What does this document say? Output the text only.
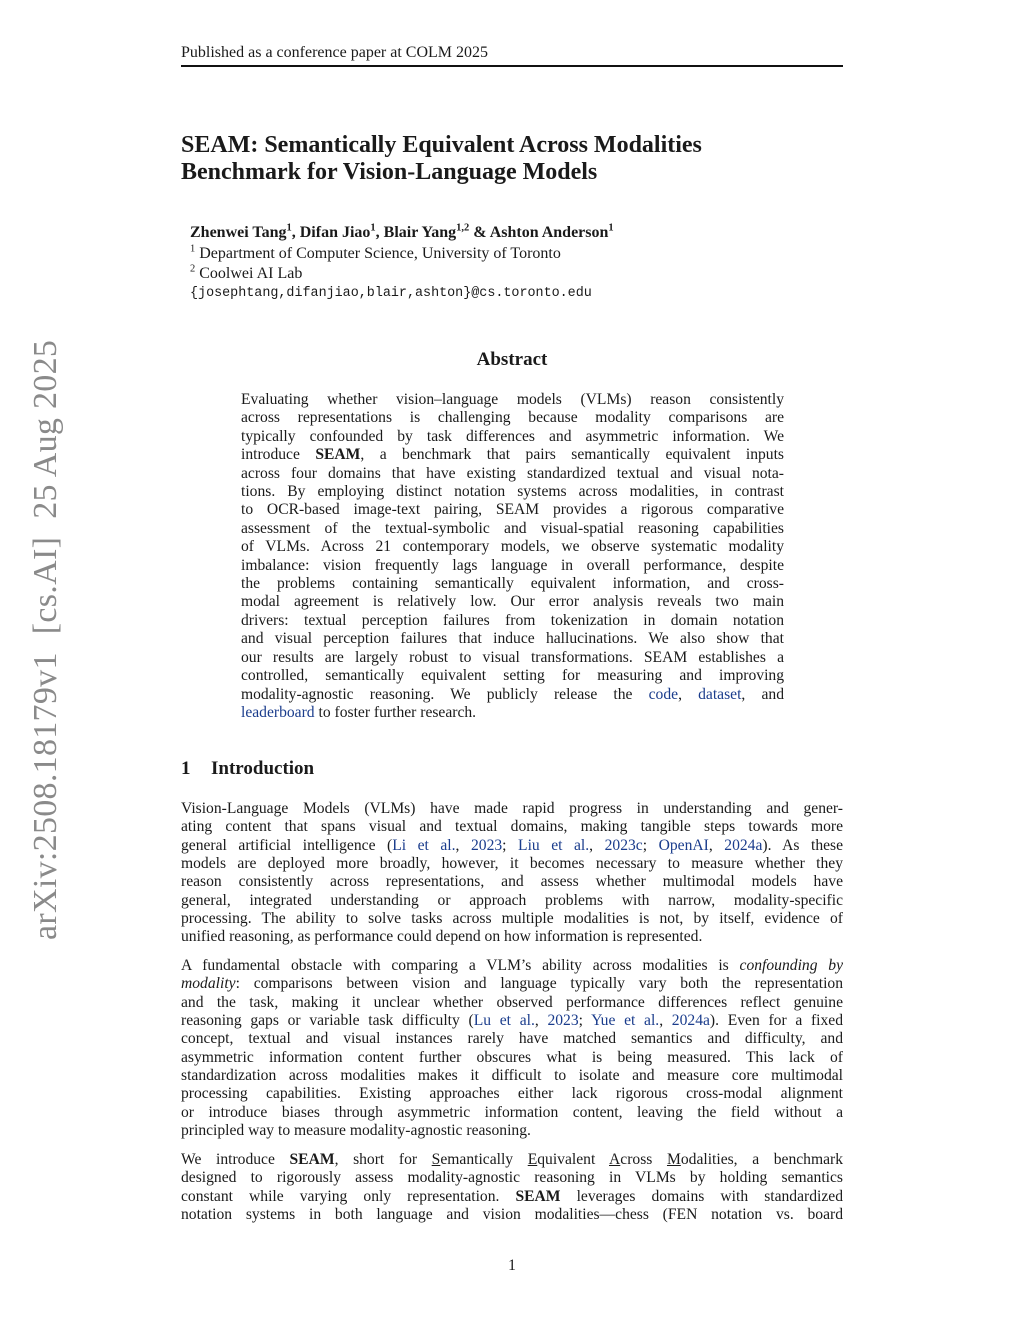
Published as a conference paper at COLM 2025
SEAM: Semantically Equivalent Across Modalities
Benchmark for Vision-Language Models
Zhenwei Tang$^1$, Difan Jiao$^1$, Blair Yang$^{1,2}$ & Ashton Anderson$^1$
$^1$ Department of Computer Science, University of Toronto
$^2$ Coolwei AI Lab
{josephtang,difanjiao,blair,ashton}@cs.toronto.edu
Abstract
Evaluating whether vision–language models (VLMs) reason consistently
across representations is challenging because modality comparisons are
typically confounded by task differences and asymmetric information. We
introduce SEAM, a benchmark that pairs semantically equivalent inputs
across four domains that have existing standardized textual and visual nota-
tions. By employing distinct notation systems across modalities, in contrast
to OCR-based image-text pairing, SEAM provides a rigorous comparative
assessment of the textual-symbolic and visual-spatial reasoning capabilities
of VLMs. Across 21 contemporary models, we observe systematic modality
imbalance: vision frequently lags language in overall performance, despite
the problems containing semantically equivalent information, and cross-
modal agreement is relatively low. Our error analysis reveals two main
drivers: textual perception failures from tokenization in domain notation
and visual perception failures that induce hallucinations. We also show that
our results are largely robust to visual transformations. SEAM establishes a
controlled, semantically equivalent setting for measuring and improving
modality-agnostic reasoning. We publicly release the code, dataset, and
leaderboard to foster further research.
1 Introduction
Vision-Language Models (VLMs) have made rapid progress in understanding and gener-
ating content that spans visual and textual domains, making tangible steps towards more
general artificial intelligence (Li et al., 2023; Liu et al., 2023c; OpenAI, 2024a). As these
models are deployed more broadly, however, it becomes necessary to measure whether they
reason consistently across representations, and assess whether multimodal models have
general, integrated understanding or approach problems with narrow, modality-specific
processing. The ability to solve tasks across multiple modalities is not, by itself, evidence of
unified reasoning, as performance could depend on how information is represented.
A fundamental obstacle with comparing a VLM’s ability across modalities is confounding by
modality: comparisons between vision and language typically vary both the representation
and the task, making it unclear whether observed performance differences reflect genuine
reasoning gaps or variable task difficulty (Lu et al., 2023; Yue et al., 2024a). Even for a fixed
concept, textual and visual instances rarely have matched semantics and difficulty, and
asymmetric information content further obscures what is being measured. This lack of
standardization across modalities makes it difficult to isolate and measure core multimodal
processing capabilities. Existing approaches either lack rigorous cross-modal alignment
or introduce biases through asymmetric information content, leaving the field without a
principled way to measure modality-agnostic reasoning.
We introduce SEAM, short for Semantically Equivalent Across Modalities, a benchmark
designed to rigorously assess modality-agnostic reasoning in VLMs by holding semantics
constant while varying only representation. SEAM leverages domains with standardized
notation systems in both language and vision modalities—chess (FEN notation vs. board
1
arXiv:2508.18179v1[cs.AI]25 Aug 2025
